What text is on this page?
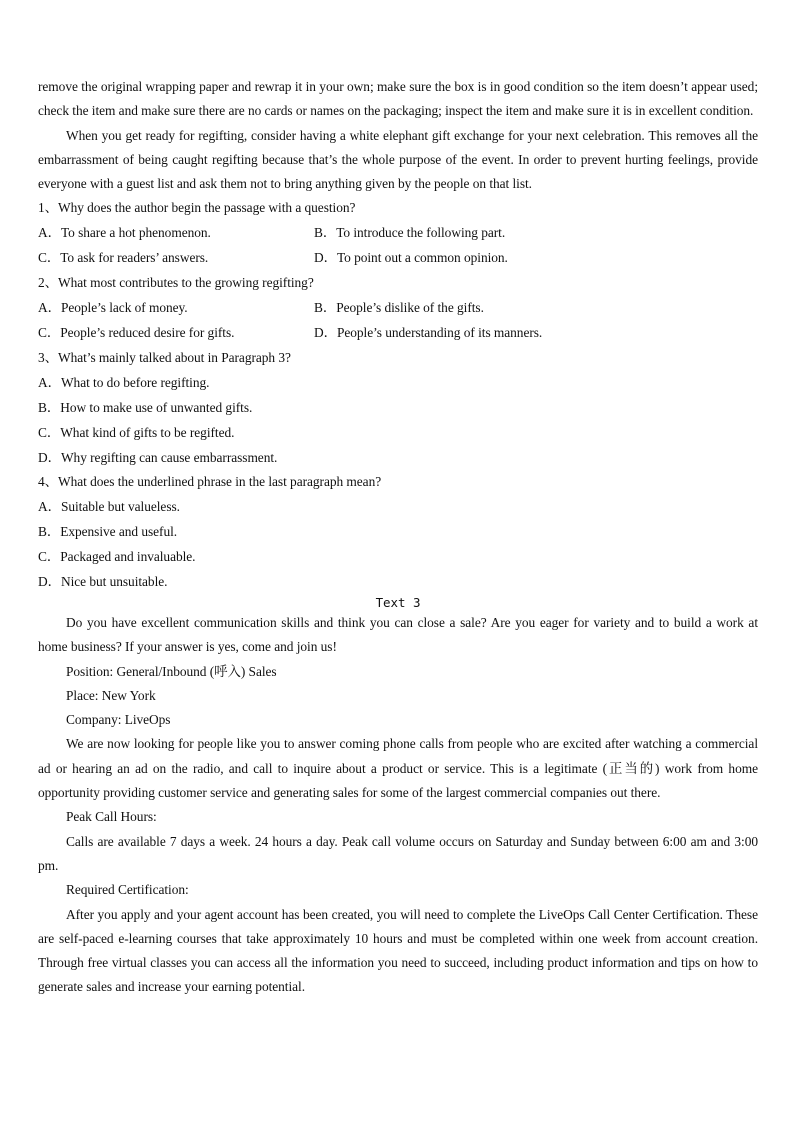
remove the original wrapping paper and rewrap it in your own; make sure the box is in good condition so the item doesn’t appear used; check the item and make sure there are no cards or names on the packaging; inspect the item and make sure it is in excellent condition.

When you get ready for regifting, consider having a white elephant gift exchange for your next celebration. This removes all the embarrassment of being caught regifting because that’s the whole purpose of the event. In order to prevent hurting feelings, provide everyone with a guest list and ask them not to bring anything given by the people on that list.

1、Why does the author begin the passage with a question?

A．To share a hot phenomenon.	B．To introduce the following part.
C．To ask for readers’ answers.	D．To point out a common opinion.

2、What most contributes to the growing regifting?

A．People’s lack of money.	B．People’s dislike of the gifts.
C．People’s reduced desire for gifts.	D．People’s understanding of its manners.

3、What’s mainly talked about in Paragraph 3?

A．What to do before regifting.

B．How to make use of unwanted gifts.

C．What kind of gifts to be regifted.

D．Why regifting can cause embarrassment.

4、What does the underlined phrase in the last paragraph mean?

A．Suitable but valueless.

B．Expensive and useful.

C．Packaged and invaluable.

D．Nice but unsuitable.

Text 3

Do you have excellent communication skills and think you can close a sale? Are you eager for variety and to build a work at home business? If your answer is yes, come and join us!

Position: General/Inbound (呼入) Sales

Place: New York

Company: LiveOps

We are now looking for people like you to answer coming phone calls from people who are excited after watching a commercial ad or hearing an ad on the radio, and call to inquire about a product or service. This is a legitimate (正当的) work from home opportunity providing customer service and generating sales for some of the largest commercial companies out there.

Peak Call Hours:

Calls are available 7 days a week. 24 hours a day. Peak call volume occurs on Saturday and Sunday between 6:00 am and 3:00 pm.

Required Certification:

After you apply and your agent account has been created, you will need to complete the LiveOps Call Center Certification. These are self-paced e-learning courses that take approximately 10 hours and must be completed within one week from account creation. Through free virtual classes you can access all the information you need to succeed, including product information and tips on how to generate sales and increase your earning potential.
